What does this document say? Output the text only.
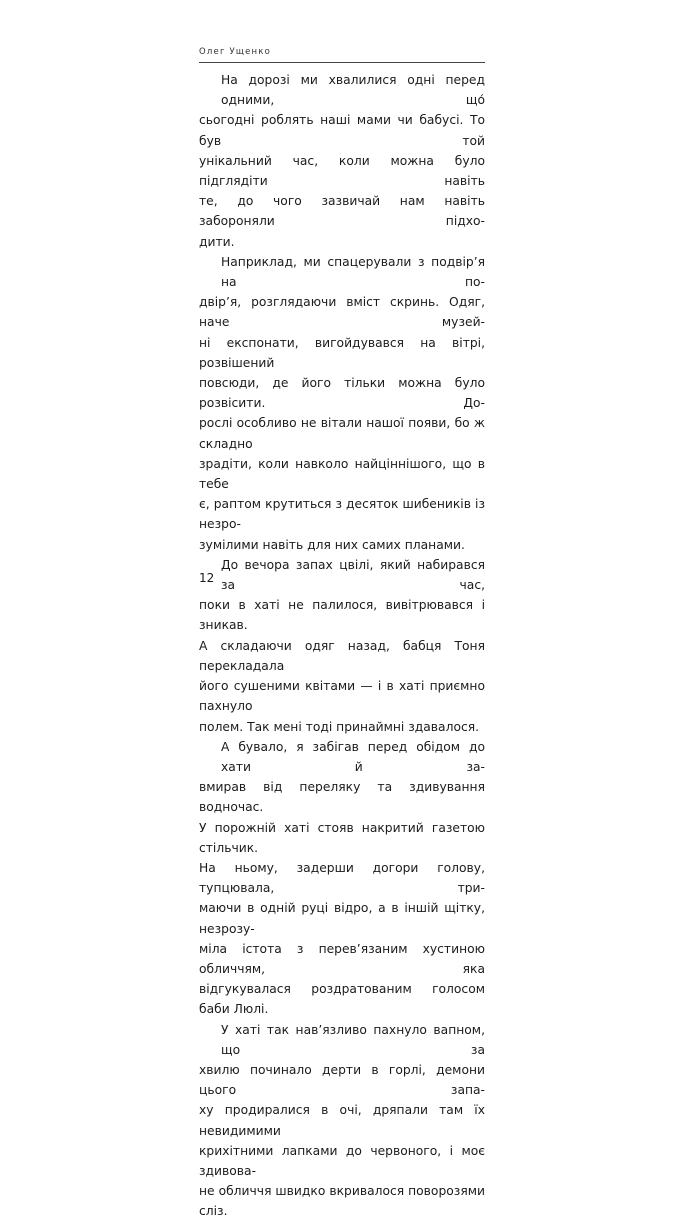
Олег Ущенко

На дорозі ми хвалилися одні перед одними, що́

сьогодні роблять наші мами чи бабусі. То був той

унікальний час, коли можна було підглядіти навіть

те, до чого зазвичай нам навіть забороняли підхо-

дити.

Наприклад, ми спацерували з подвір’я на по-

двір’я, розглядаючи вміст скринь. Одяг, наче музей-

ні експонати, вигойдувався на вітрі, розвішений

повсюди, де його тільки можна було розвісити. До-

рослі особливо не вітали нашої появи, бо ж складно

зрадіти, коли навколо найціннішого, що в тебе

є, раптом крутиться з десяток шибеників із незро-

зумілими навіть для них самих планами.

До вечора запах цвілі, який набирався за час,

поки в хаті не палилося, вивітрювався і зникав.

А складаючи одяг назад, бабця Тоня перекладала

його сушеними квітами — і в хаті приємно пахнуло

полем. Так мені тоді принаймні здавалося.

А бувало, я забігав перед обідом до хати й за-

вмирав від переляку та здивування водночас.

У порожній хаті стояв накритий газетою стільчик.

На ньому, задерши догори голову, тупцювала, три-

маючи в одній руці відро, а в іншій щітку, незрозу-

міла істота з перев’язаним хустиною обличчям, яка

відгукувалася роздратованим голосом баби Люлі.

У хаті так нав’язливо пахнуло вапном, що за

хвилю починало дерти в горлі, демони цього запа-

ху продиралися в очі, дряпали там їх невидимими

крихітними лапками до червоного, і моє здивова-

не обличчя швидко вкривалося поворозями сліз.

12
